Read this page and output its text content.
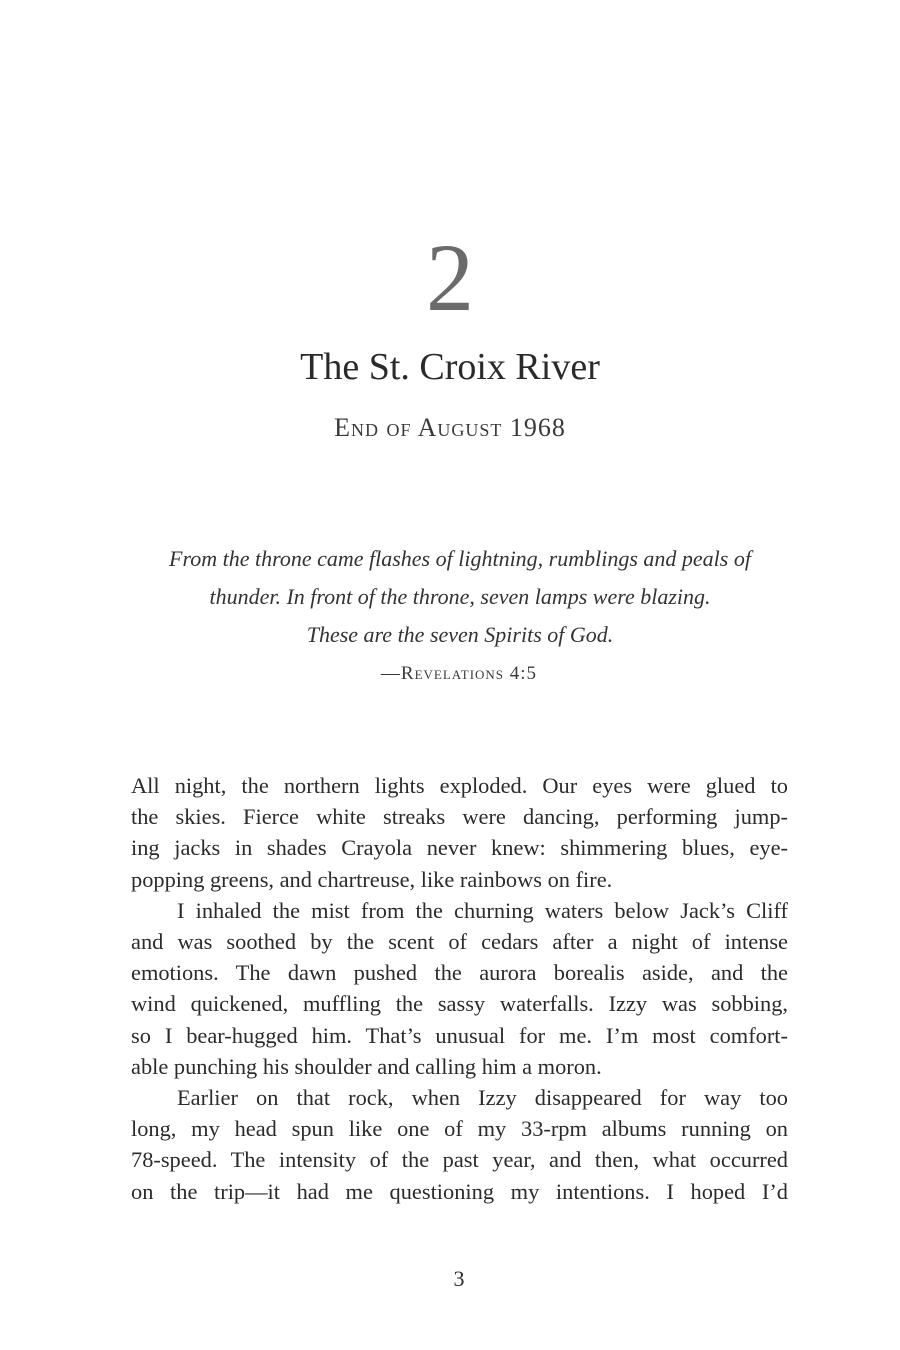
2
The St. Croix River
End of August 1968
From the throne came flashes of lightning, rumblings and peals of
thunder. In front of the throne, seven lamps were blazing.
These are the seven Spirits of God.
—Revelations 4:5
All night, the northern lights exploded. Our eyes were glued to
the skies. Fierce white streaks were dancing, performing jump-
ing jacks in shades Crayola never knew: shimmering blues, eye-
popping greens, and chartreuse, like rainbows on fire.
I inhaled the mist from the churning waters below Jack’s Cliff
and was soothed by the scent of cedars after a night of intense
emotions. The dawn pushed the aurora borealis aside, and the
wind quickened, muffling the sassy waterfalls. Izzy was sobbing,
so I bear-hugged him. That’s unusual for me. I’m most comfort-
able punching his shoulder and calling him a moron.
Earlier on that rock, when Izzy disappeared for way too
long, my head spun like one of my 33-rpm albums running on
78-speed. The intensity of the past year, and then, what occurred
on the trip—it had me questioning my intentions. I hoped I’d
3
